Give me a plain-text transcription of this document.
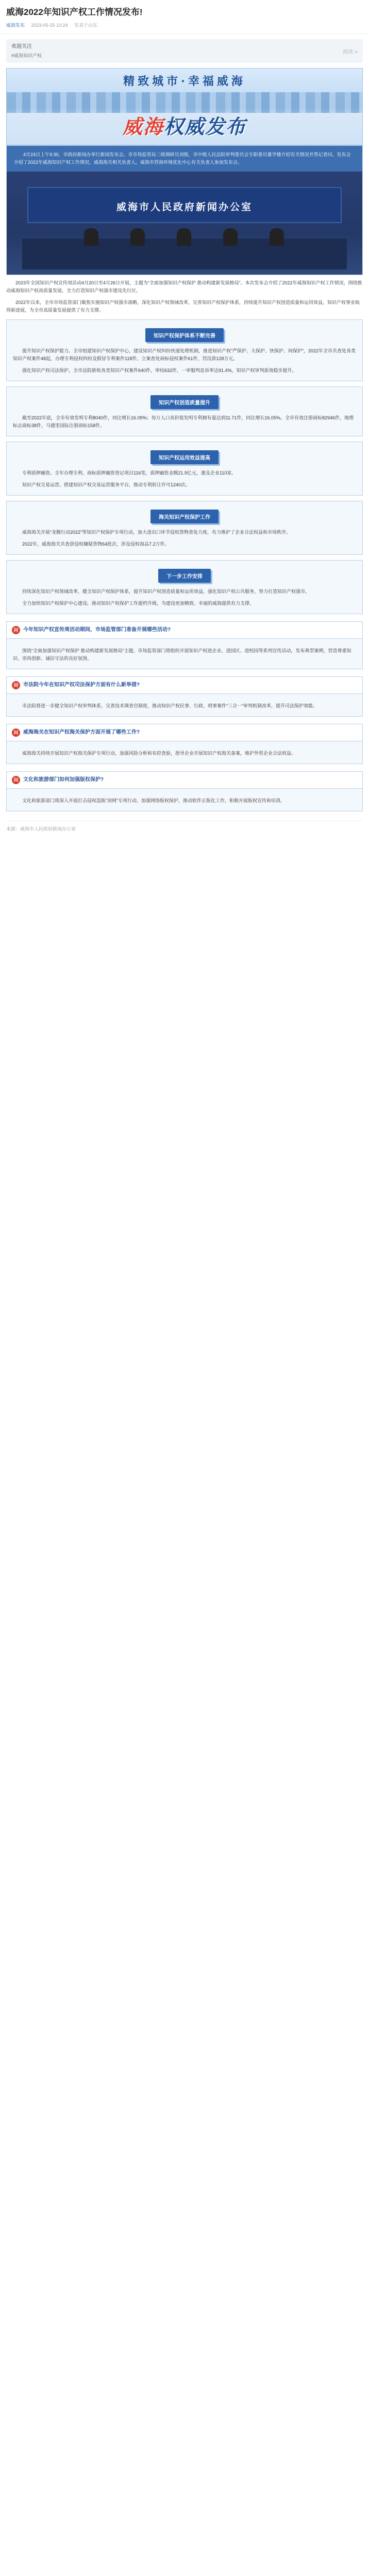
威海2022年知识产权工作情况发布!
威海发布 2023-05-25 10:24 发表于山东
欢迎关注
#威海知识产权
阅读 >
精致城市·幸福威海
威海权威发布
4月24日上午9:30，市政府新闻办举行新闻发布会。市市场监管局二级调研员刘锐，市中级人民法院审判委员会专职委员董学楼介绍有关情况并答记者问。发布会介绍了2022年威海知识产权工作情况，威海海关相关负责人，威海市营商环境优化中心有关负责人参加发布会。
威海市人民政府新闻办公室
2023年全国知识产权宣传周活动4月20日至4月26日开展，主题为“全面加强知识产权保护 推动构建新发展格局”。本次发布会介绍了2022年威海知识产权工作情况，围绕推动威海知识产权高质量发展，全力打造知识产权强市建设先行区。
2022年以来，全市市场监管部门聚焦实施知识产权强市战略，深化知识产权领域改革，完善知识产权保护体系，持续提升知识产权创造质量和运用效益，知识产权事业取得新进展，为全市高质量发展提供了有力支撑。
知识产权保护体系不断完善
提升知识产权保护能力。全市组建知识产权保护中心，建设知识产权纠纷快速处理机制，推进知识产权“严保护、大保护、快保护、同保护”，2022年全市共查处各类知识产权案件48起，办理专利侵权纠纷及假冒专利案件118件，立案查处商标侵权案件61件，罚没款128万元。
强化知识产权司法保护。全市法院新收各类知识产权案件640件，审结632件，一审服判息诉率达91.4%，知识产权审判质效稳步提升。
知识产权创造质量提升
截至2022年底，全市有效发明专利8040件，同比增长16.09%；每万人口高价值发明专利拥有量达到11.71件，同比增长16.05%。全市有效注册商标82946件，地理标志商标38件，马德里国际注册商标158件。
知识产权运用效益提高
专利质押融资。全年办理专利、商标质押融资登记项目116笔，质押融资金额21.9亿元，惠及企业110家。
知识产权交易运营。搭建知识产权交易运营服务平台，推动专利转让许可1240次。
海关知识产权保护工作
威海海关开展“龙腾行动2022”等知识产权保护专项行动，加大进出口环节侵权货物查处力度，有力维护了企业合法权益和市场秩序。
2022年，威海海关共查获侵权嫌疑货物64批次，涉及侵权商品7.2万件。
下一步工作安排
持续深化知识产权领域改革，健全知识产权保护体系，提升知识产权创造质量和运用效益，强化知识产权公共服务，努力打造知识产权强市。
全力加快知识产权保护中心建设，推动知识产权保护工作提档升级，为建设更加精致、幸福的威海提供有力支撑。
问 今年知识产权宣传周活动期间，市场监管部门准备开展哪些活动?
围绕“全面加强知识产权保护 推动构建新发展格局”主题，市场监管部门将组织开展知识产权进企业、进园区、进校园等系列宣传活动，发布典型案例，营造尊重知识、崇尚创新、诚信守法的良好氛围。
问 市法院今年在知识产权司法保护方面有什么新举措?
市法院将进一步健全知识产权审判体系，完善技术调查官制度，推动知识产权民事、行政、刑事案件“三合一”审判机制改革，提升司法保护效能。
问 威海海关在知识产权海关保护方面开展了哪些工作?
威海海关持续开展知识产权海关保护专项行动，加强风险分析和布控查验，指导企业开展知识产权海关备案，维护外贸企业合法权益。
问 文化和旅游部门如何加强版权保护?
文化和旅游部门将深入开展打击侵权盗版“剑网”专项行动，加强网络版权保护，推动软件正版化工作，积极开展版权宣传和培训。
来源：威海市人民政府新闻办公室
